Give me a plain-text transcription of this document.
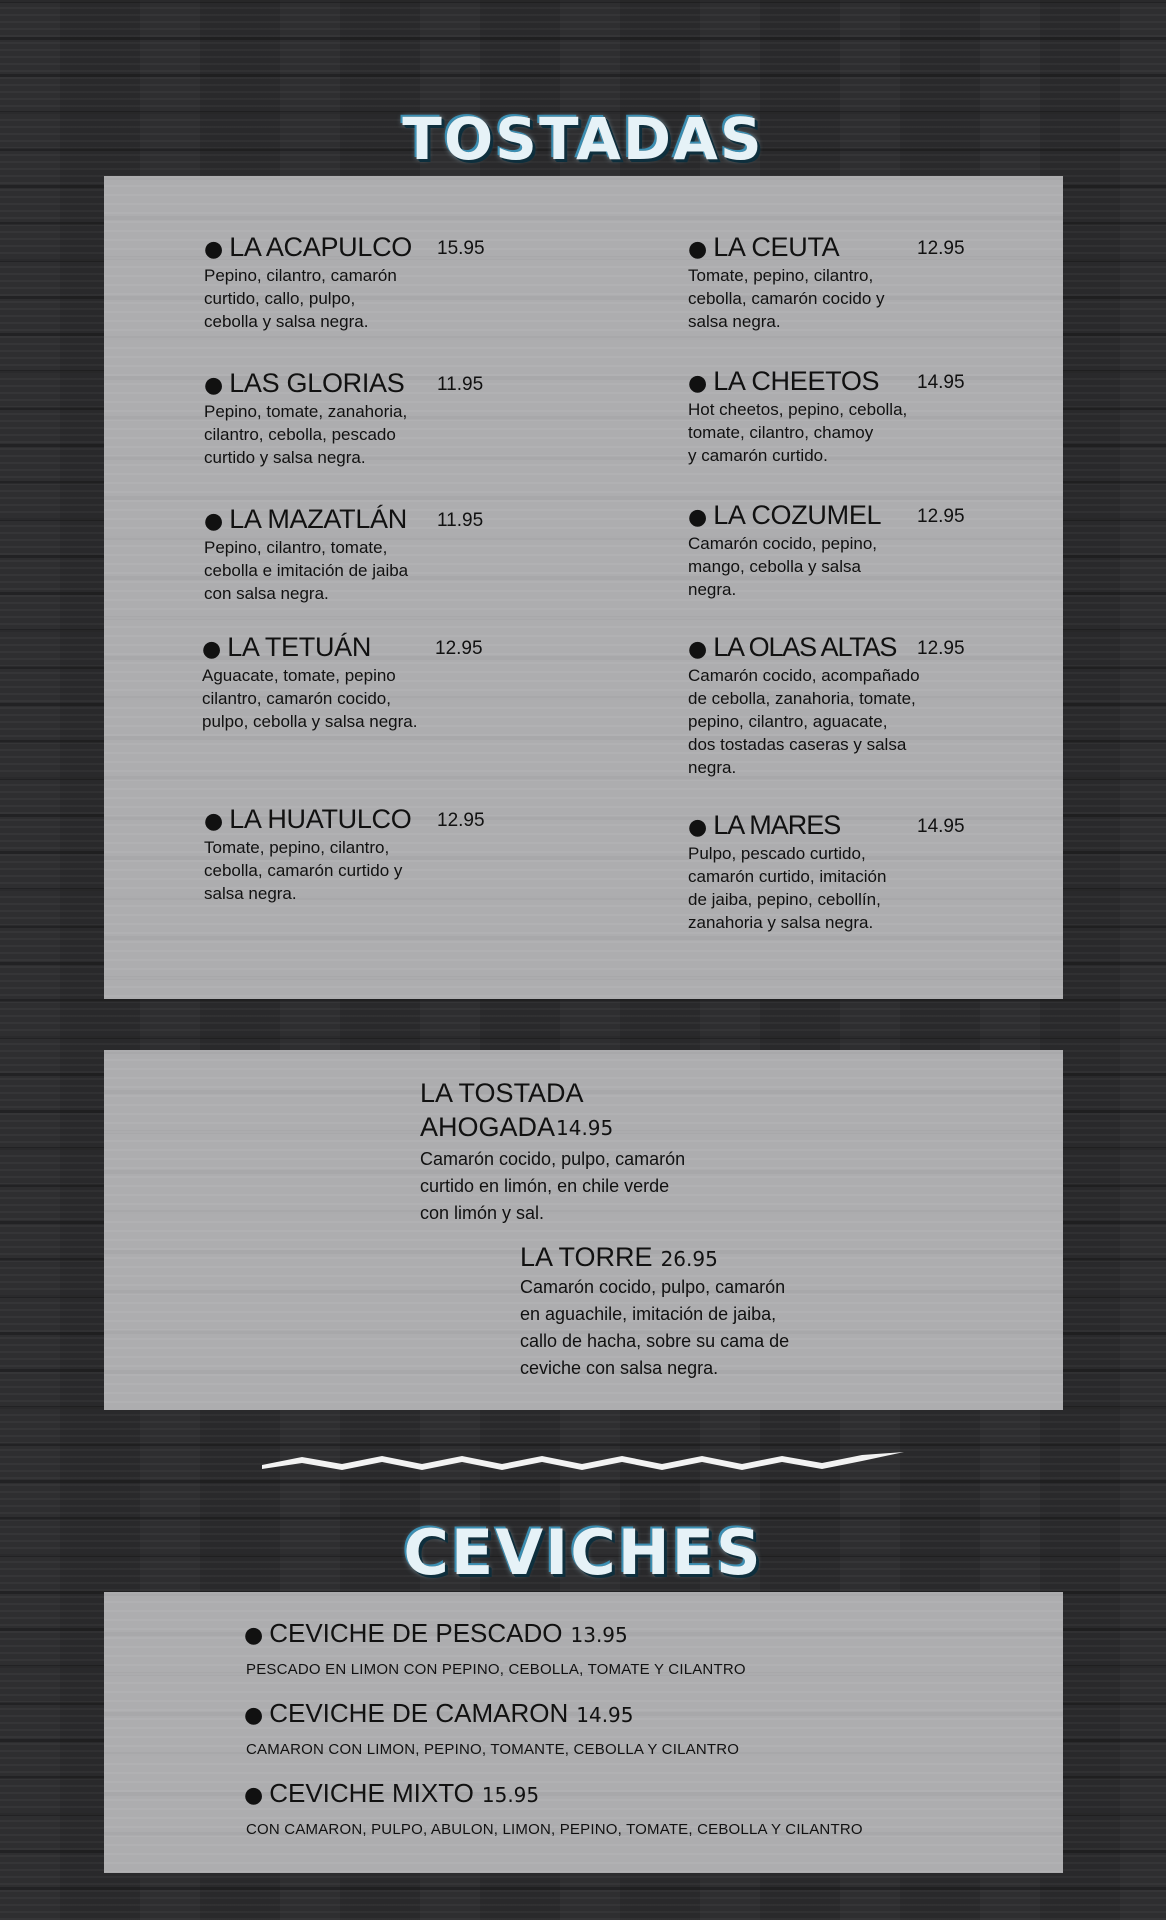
TOSTADAS
● LA ACAPULCO 15.95
Pepino, cilantro, camarón
curtido, callo, pulpo,
cebolla y salsa negra.
● LA CEUTA	12.95
Tomate, pepino, cilantro,
cebolla, camarón cocido y
salsa negra.
● LAS GLORIAS 11.95
Pepino, tomate, zanahoria,
cilantro, cebolla, pescado
curtido y salsa negra.
● LA CHEETOS 14.95
Hot cheetos, pepino, cebolla,
tomate, cilantro, chamoy
y camarón curtido.
● LA MAZATLÁN 11.95
Pepino, cilantro, tomate,
cebolla e imitación de jaiba
con salsa negra.
● LA COZUMEL 12.95
Camarón cocido, pepino,
mango, cebolla y salsa
negra.
● LA TETUÁN	12.95
Aguacate, tomate, pepino
cilantro, camarón cocido,
pulpo, cebolla y salsa negra.
● LA OLAS ALTAS 12.95
Camarón cocido, acompañado
de cebolla, zanahoria, tomate,
pepino, cilantro, aguacate,
dos tostadas caseras y salsa
negra.
● LA HUATULCO 12.95
Tomate, pepino, cilantro,
cebolla, camarón curtido y
salsa negra.
● LA MARES	14.95
Pulpo, pescado curtido,
camarón curtido, imitación
de jaiba, pepino, cebollín,
zanahoria y salsa negra.
LA TOSTADA
AHOGADA 14.95
Camarón cocido, pulpo, camarón
curtido en limón, en chile verde
con limón y sal.
LA TORRE 26.95
Camarón cocido, pulpo, camarón
en aguachile, imitación de jaiba,
callo de hacha, sobre su cama de
ceviche con salsa negra.
CEVICHES
● CEVICHE DE PESCADO 13.95
PESCADO EN LIMON CON PEPINO, CEBOLLA, TOMATE Y CILANTRO
● CEVICHE DE CAMARON 14.95
CAMARON CON LIMON, PEPINO, TOMANTE, CEBOLLA Y CILANTRO
● CEVICHE MIXTO 15.95
CON CAMARON, PULPO, ABULON, LIMON, PEPINO, TOMATE, CEBOLLA Y CILANTRO
